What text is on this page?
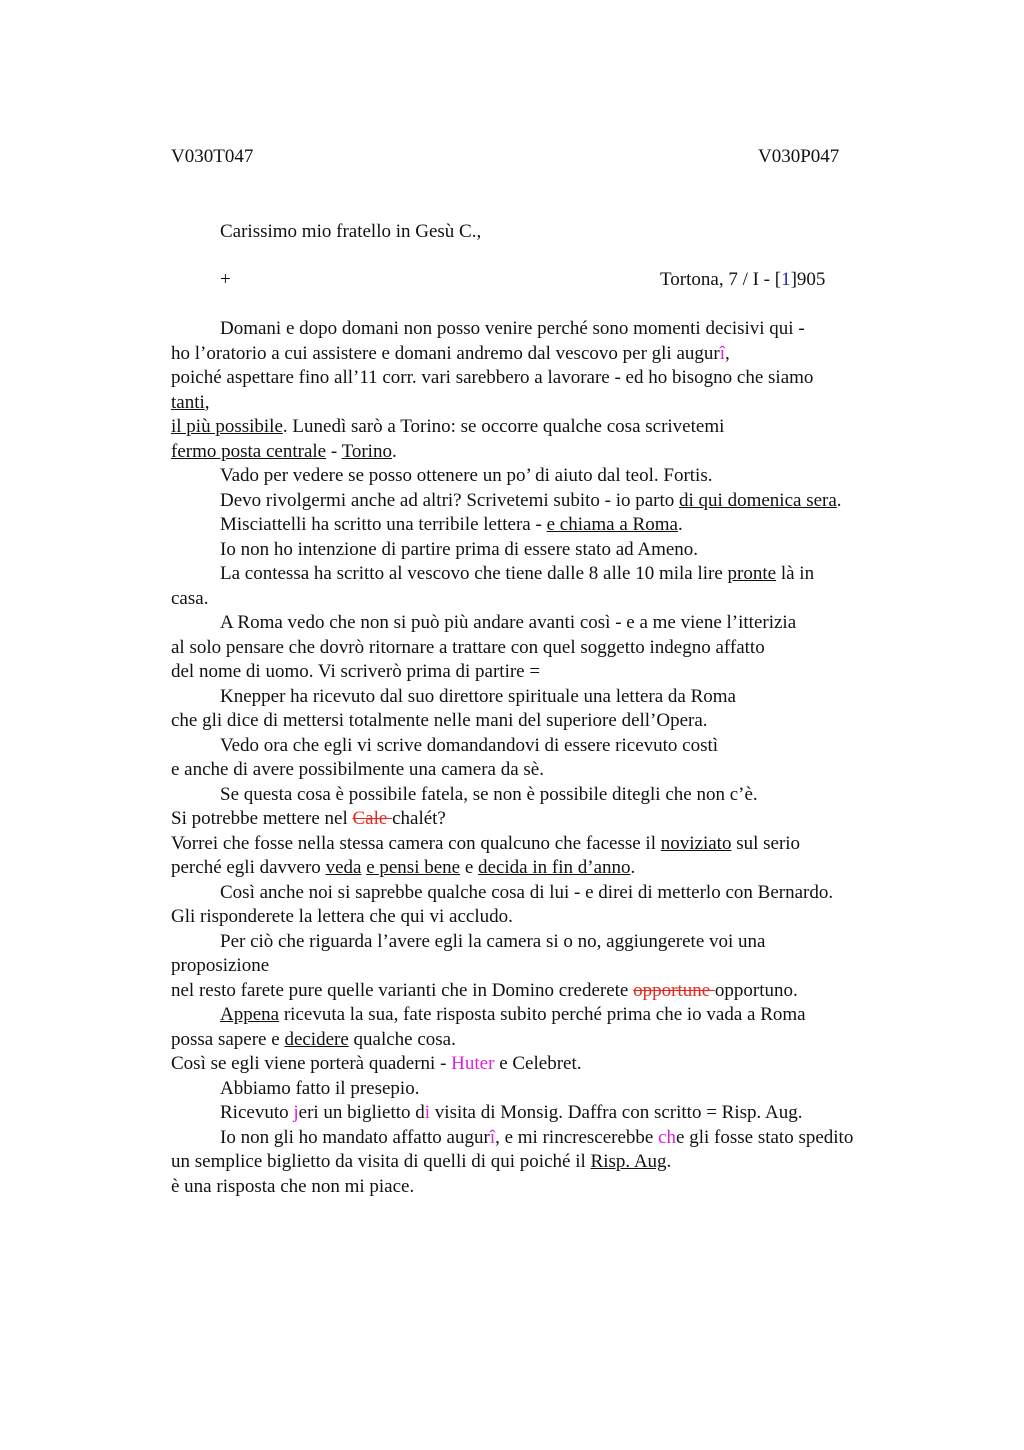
V030T047	V030P047
Carissimo mio fratello in Gesù C.,
+	Tortona, 7 / I - [1]905
Domani e dopo domani non posso venire perché sono momenti decisivi qui -
ho l’oratorio a cui assistere e domani andremo dal vescovo per gli augurî,
poiché aspettare fino all’11 corr. vari sarebbero a lavorare - ed ho bisogno che siamo
tanti,
il più possibile. Lunedì sarò a Torino: se occorre qualche cosa scrivetemi
fermo posta centrale - Torino.
Vado per vedere se posso ottenere un po’ di aiuto dal teol. Fortis.
Devo rivolgermi anche ad altri? Scrivetemi subito - io parto di qui domenica sera.
Misciattelli ha scritto una terribile lettera - e chiama a Roma.
Io non ho intenzione di partire prima di essere stato ad Ameno.
La contessa ha scritto al vescovo che tiene dalle 8 alle 10 mila lire pronte là in
casa.
A Roma vedo che non si può più andare avanti così - e a me viene l’itterizia
al solo pensare che dovrò ritornare a trattare con quel soggetto indegno affatto
del nome di uomo. Vi scriverò prima di partire =
Knepper ha ricevuto dal suo direttore spirituale una lettera da Roma
che gli dice di mettersi totalmente nelle mani del superiore dell’Opera.
Vedo ora che egli vi scrive domandandovi di essere ricevuto costì
e anche di avere possibilmente una camera da sè.
Se questa cosa è possibile fatela, se non è possibile ditegli che non c’è.
Si potrebbe mettere nel Cale chalét?
Vorrei che fosse nella stessa camera con qualcuno che facesse il noviziato sul serio
perché egli davvero veda e pensi bene e decida in fin d’anno.
Così anche noi si saprebbe qualche cosa di lui - e direi di metterlo con Bernardo.
Gli risponderete la lettera che qui vi accludo.
Per ciò che riguarda l’avere egli la camera si o no, aggiungerete voi una
proposizione
nel resto farete pure quelle varianti che in Domino crederete opportune opportuno.
Appena ricevuta la sua, fate risposta subito perché prima che io vada a Roma
possa sapere e decidere qualche cosa.
Così se egli viene porterà quaderni - Huter e Celebret.
Abbiamo fatto il presepio.
Ricevuto jeri un biglietto di visita di Monsig. Daffra con scritto = Risp. Aug.
Io non gli ho mandato affatto augurî, e mi rincrescerebbe che gli fosse stato spedito
un semplice biglietto da visita di quelli di qui poiché il Risp. Aug.
è una risposta che non mi piace.
